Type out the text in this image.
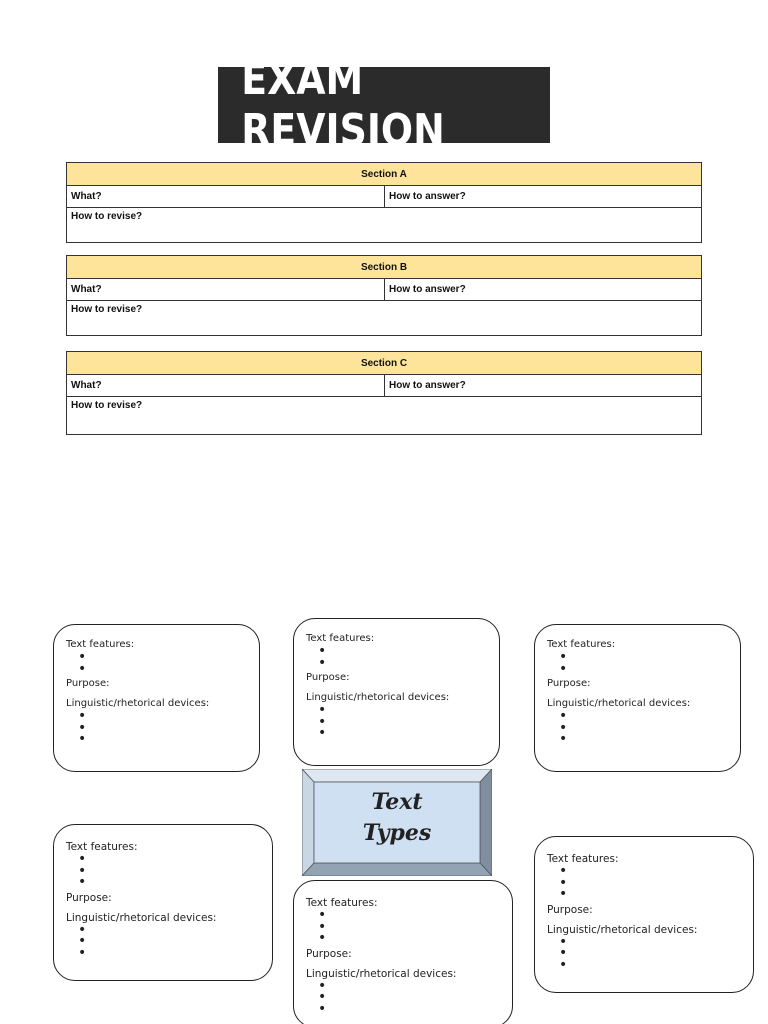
EXAM REVISION
Section A
What?	How to answer?
How to revise?
Section B
What?	How to answer?
How to revise?
Section C
What?	How to answer?
How to revise?
Text features:
•
•
Purpose:
Linguistic/rhetorical devices:
•
•
•
Text features:
•
•
Purpose:
Linguistic/rhetorical devices:
•
•
•
Text features:
•
•
Purpose:
Linguistic/rhetorical devices:
•
•
•
Text
Types
Text features:
•
•
•
Purpose:
Linguistic/rhetorical devices:
•
•
•
Text features:
•
•
•
Purpose:
Linguistic/rhetorical devices:
•
•
•
Text features:
•
•
•
Purpose:
Linguistic/rhetorical devices:
•
•
•
